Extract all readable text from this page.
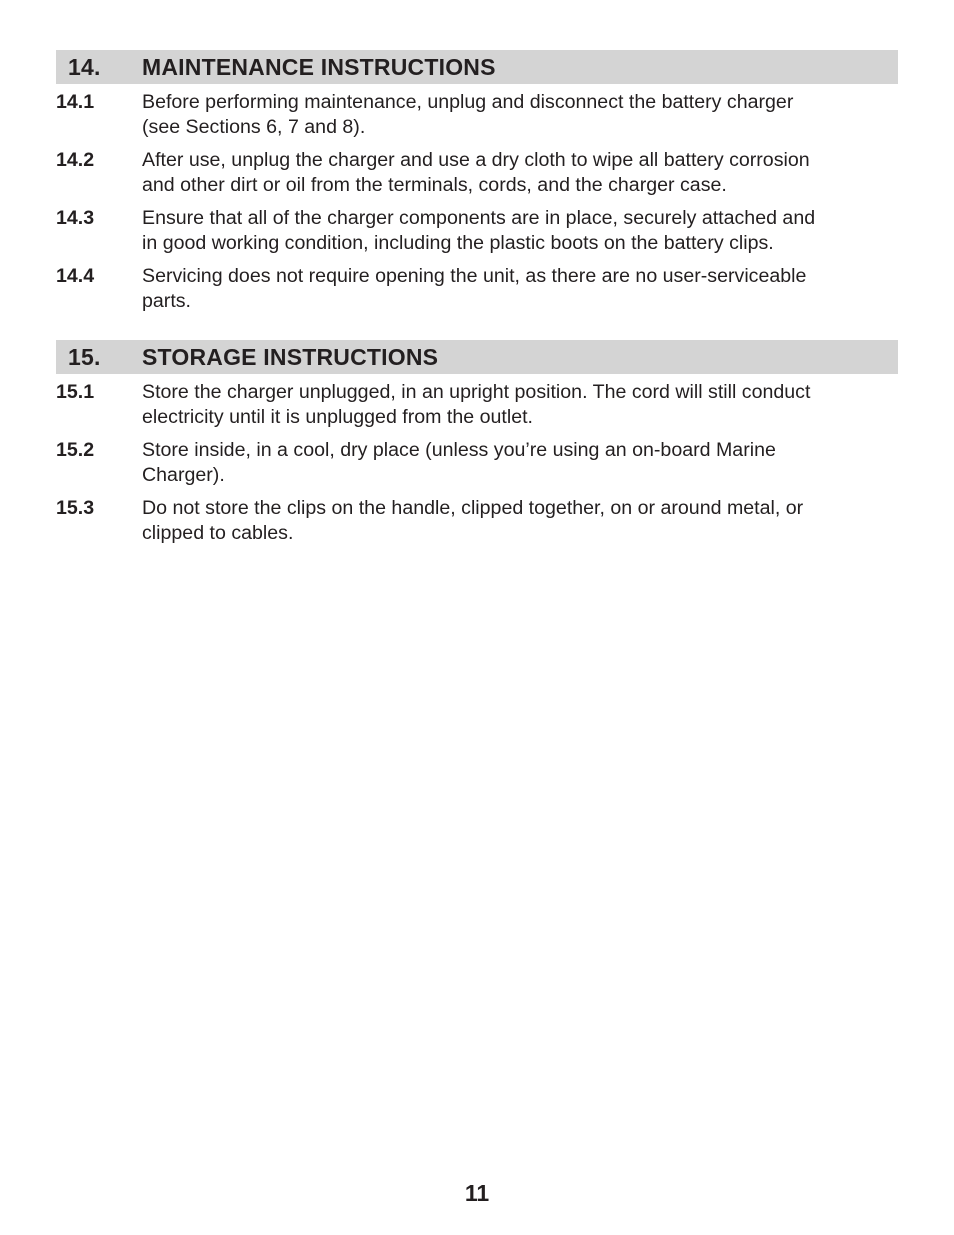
14. MAINTENANCE INSTRUCTIONS
14.1 Before performing maintenance, unplug and disconnect the battery charger
(see Sections 6, 7 and 8).
14.2 After use, unplug the charger and use a dry cloth to wipe all battery corrosion
and other dirt or oil from the terminals, cords, and the charger case.
14.3 Ensure that all of the charger components are in place, securely attached and
in good working condition, including the plastic boots on the battery clips.
14.4 Servicing does not require opening the unit, as there are no user-serviceable
parts.
15. STORAGE INSTRUCTIONS
15.1 Store the charger unplugged, in an upright position. The cord will still conduct
electricity until it is unplugged from the outlet.
15.2 Store inside, in a cool, dry place (unless you’re using an on-board Marine
Charger).
15.3 Do not store the clips on the handle, clipped together, on or around metal, or
clipped to cables.
11
